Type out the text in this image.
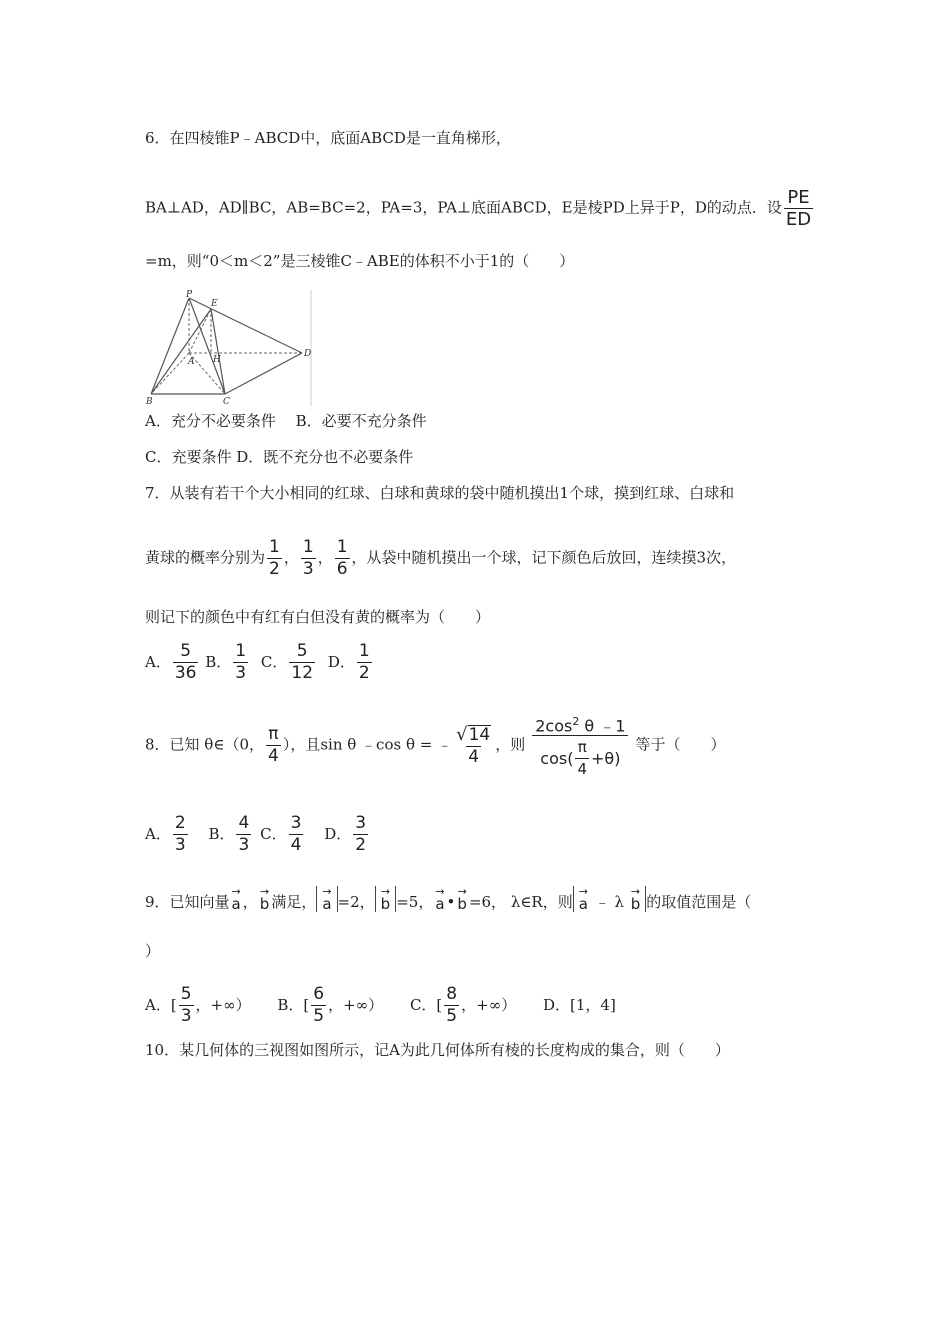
6．在四棱锥P﹣ABCD中，底面ABCD是一直角梯形，
BA⊥AD，AD∥BC，AB=BC=2，PA=3，PA⊥底面ABCD，E是棱PD上异于P，D的动点．设 $\frac{PE}{ED}$
=m，则“0＜m＜2”是三棱锥C﹣ABE的体积不小于1的（　　）
P
E
A H
D
B	C
A．充分不必要条件　 B．必要不充分条件
C．充要条件 D．既不充分也不必要条件
7．从装有若干个大小相同的红球、白球和黄球的袋中随机摸出1个球，摸到红球、白球和
黄球的概率分别为 $\frac{1}{2}$ ， $\frac{1}{3}$ ， $\frac{1}{6}$ ，从袋中随机摸出一个球，记下颜色后放回，连续摸3次，
则记下的颜色中有红有白但没有黄的概率为（　　）
A． $\frac{5}{36}$ B． $\frac{1}{3}$ C． $\frac{5}{12}$ D． $\frac{1}{2}$
8．已知 θ∈（0， $\frac{\pi}{4}$ ），且sin θ ﹣cos θ = ﹣ $\frac{√14}{4}$ ，则 $\frac{2\cos^2 \theta ﹣1}{\cos( \frac{\pi}{4} +\theta)}$ 等于（　　）
A． $\frac{2}{3}$ B． $\frac{4}{3}$ C． $\frac{3}{4}$ D． $\frac{3}{2}$
9．已知向量
→
a ，
→
b 满足，
→
a =2，
→
b =5，
→
a •
→
b =6， λ∈R，则
→
a ﹣ λ
→
b 的取值范围是（
）
A．[ $\frac{5}{3}$ ，+∞） B．[ $\frac{6}{5}$ ，+∞） C．[ $\frac{8}{5}$ ，+∞） D．[1，4]
10．某几何体的三视图如图所示，记A为此几何体所有棱的长度构成的集合，则（　　）
